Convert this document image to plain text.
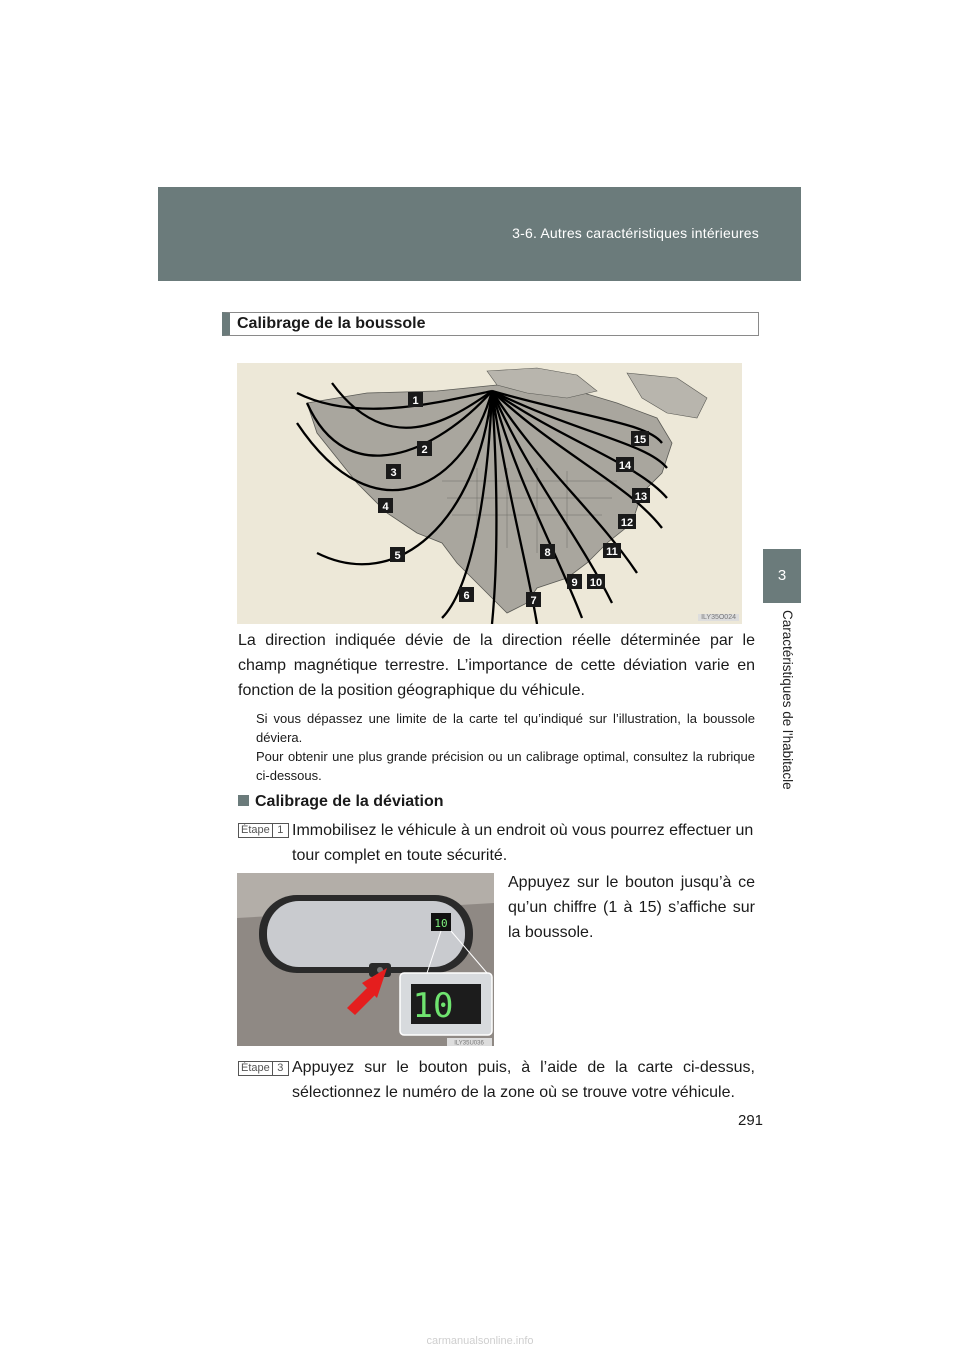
3-6. Autres caractéristiques intérieures
3
Caractéristiques de l'habitacle
Calibrage de la boussole
1
2
3
4
5
6	7
8
9 10
11
12
13
14
15
ILY35O024

La direction indiquée dévie de la direction réelle déterminée par le champ magnétique terrestre. L’importance de cette déviation varie en fonction de la position géographique du véhicule.

Si vous dépassez une limite de la carte tel qu’indiqué sur l’illustration, la boussole déviera.
Pour obtenir une plus grande précision ou un calibrage optimal, consultez la rubrique ci-dessous.
Calibrage de la déviation
Étape 1 Immobilisez le véhicule à un endroit où vous pourrez effectuer un tour complet en toute sécurité.
10
10
ILY35U036
Appuyez sur le bouton jusqu’à ce qu’un chiffre (1 à 15) s’affiche sur la boussole.
Étape 3 Appuyez sur le bouton puis, à l’aide de la carte ci-dessus, sélectionnez le numéro de la zone où se trouve votre véhicule.
291
carmanualsonline.info
